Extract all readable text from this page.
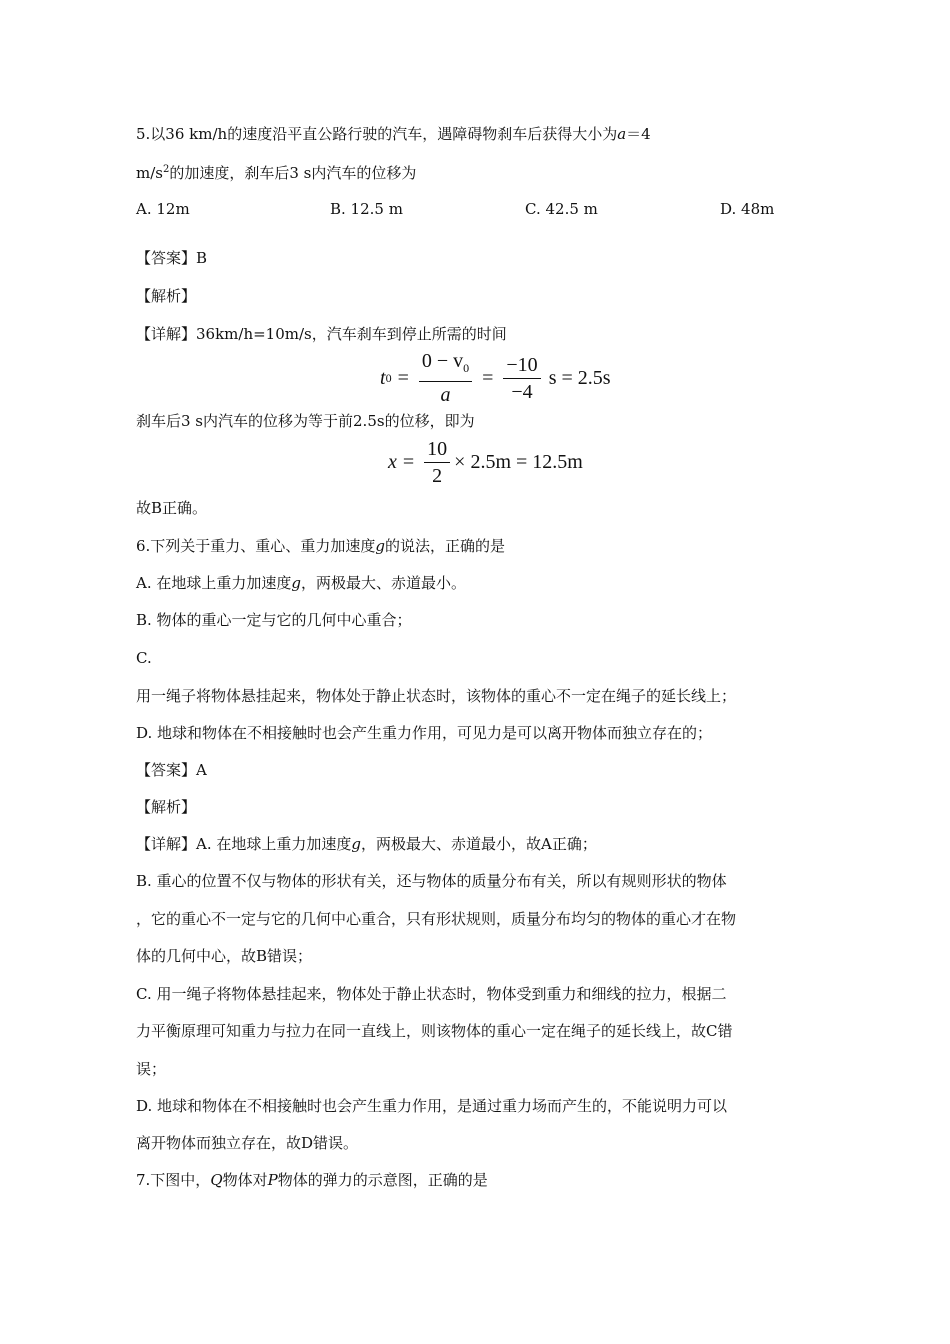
5.以36 km/h的速度沿平直公路行驶的汽车，遇障碍物刹车后获得大小为a＝4
$m/s^2$的加速度，刹车后3 s内汽车的位移为
A. 12m	B. 12.5 m	C. 42.5 m	D. 48m
【答案】B
【解析】
【详解】36km/h=10m/s，汽车刹车到停止所需的时间
t $0 = \frac{0 - v_0}{a} = \frac{-10}{-4}$ s = 2.5s
刹车后3 s内汽车的位移为等于前2.5s的位移，即为
$x = \frac{10}{2} \times 2.5m = 12.5m$
故B正确。
6.下列关于重力、重心、重力加速度g的说法，正确的是
A. 在地球上重力加速度g，两极最大、赤道最小。
B. 物体的重心一定与它的几何中心重合；
C.
用一绳子将物体悬挂起来，物体处于静止状态时，该物体的重心不一定在绳子的延长线上；
D. 地球和物体在不相接触时也会产生重力作用，可见力是可以离开物体而独立存在的；
【答案】A
【解析】
【详解】A. 在地球上重力加速度g，两极最大、赤道最小，故A正确；
B. 重心的位置不仅与物体的形状有关，还与物体的质量分布有关，所以有规则形状的物体
，它的重心不一定与它的几何中心重合，只有形状规则，质量分布均匀的物体的重心才在物
体的几何中心，故B错误；
C. 用一绳子将物体悬挂起来，物体处于静止状态时，物体受到重力和细线的拉力，根据二
力平衡原理可知重力与拉力在同一直线上，则该物体的重心一定在绳子的延长线上，故C错
误；
D. 地球和物体在不相接触时也会产生重力作用，是通过重力场而产生的，不能说明力可以
离开物体而独立存在，故D错误。
7.下图中，Q物体对P物体的弹力的示意图，正确的是
